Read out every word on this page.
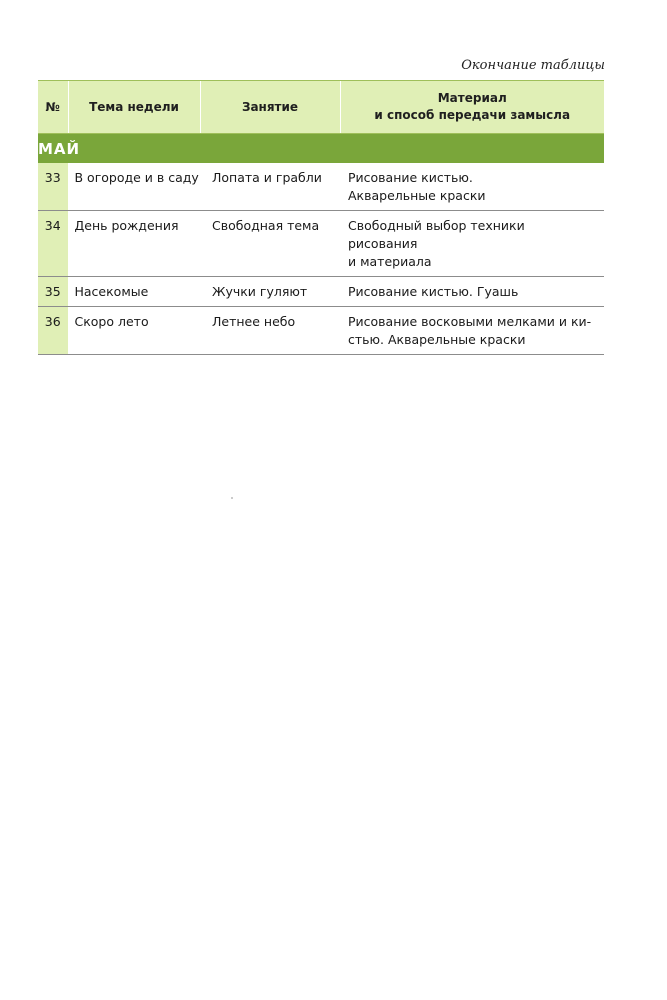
Окончание таблицы
№	Тема недели	Занятие	Материал
и способ передачи замысла

МАЙ			
33	В огороде и в саду	Лопата и грабли	Рисование кистью.
Акварельные краски

34	День рождения	Свободная тема	Свободный выбор техники рисования
и материала

35	Насекомые	Жучки гуляют	Рисование кистью. Гуашь

36	Скоро лето	Летнее небо	Рисование восковыми мелками и ки-
стью. Акварельные краски
